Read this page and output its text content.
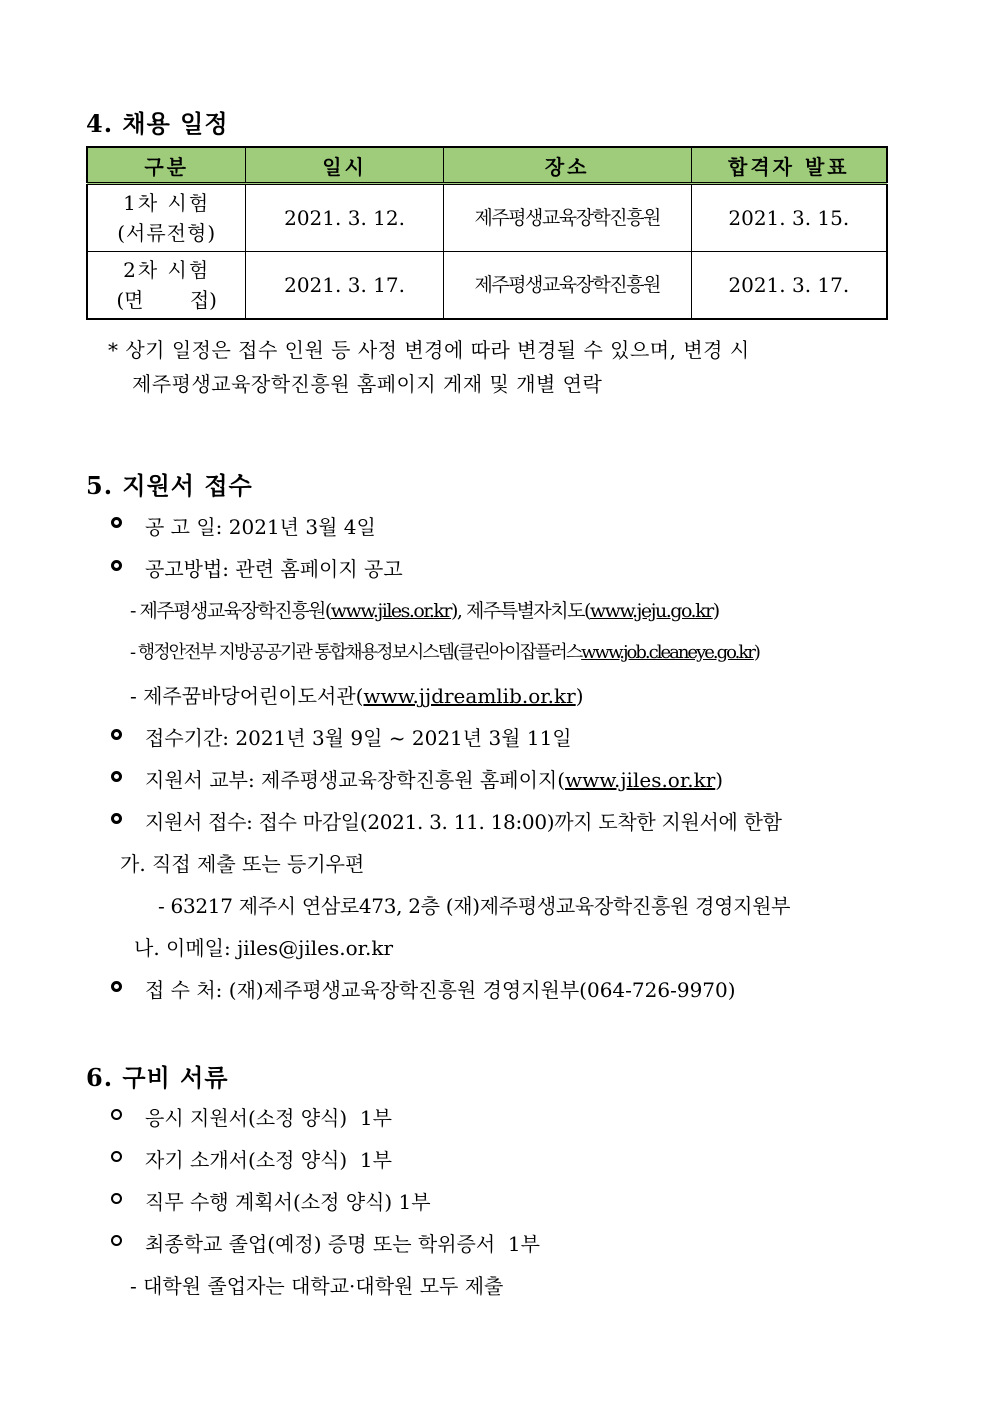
4. 채용 일정
구분	일시	장소	합격자 발표

1차 시험
(서류전형)	2021. 3. 12.	제주평생교육장학진흥원	2021. 3. 15.

2차 시험
(면 접)	2021. 3. 17.	제주평생교육장학진흥원	2021. 3. 17.
* 상기 일정은 접수 인원 등 사정 변경에 따라 변경될 수 있으며, 변경 시
제주평생교육장학진흥원 홈페이지 게재 및 개별 연락
5. 지원서 접수
공 고 일: 2021년 3월 4일
공고방법: 관련 홈페이지 공고
- 제주평생교육장학진흥원(www.jiles.or.kr), 제주특별자치도(www.jeju.go.kr)
- 행정안전부 지방공공기관 통합채용정보시스템(클린아이잡플러스www.job.cleaneye.go.kr)
- 제주꿈바당어린이도서관(www.jjdreamlib.or.kr)
접수기간: 2021년 3월 9일 ~ 2021년 3월 11일
지원서 교부: 제주평생교육장학진흥원 홈페이지(www.jiles.or.kr)
지원서 접수: 접수 마감일(2021. 3. 11. 18:00)까지 도착한 지원서에 한함
가. 직접 제출 또는 등기우편
- 63217 제주시 연삼로473, 2층 (재)제주평생교육장학진흥원 경영지원부
나. 이메일: jiles@jiles.or.kr
접 수 처: (재)제주평생교육장학진흥원 경영지원부(064-726-9970)
6. 구비 서류
응시 지원서(소정 양식)  1부
자기 소개서(소정 양식)  1부
직무 수행 계획서(소정 양식) 1부
최종학교 졸업(예정) 증명 또는 학위증서  1부
- 대학원 졸업자는 대학교·대학원 모두 제출
